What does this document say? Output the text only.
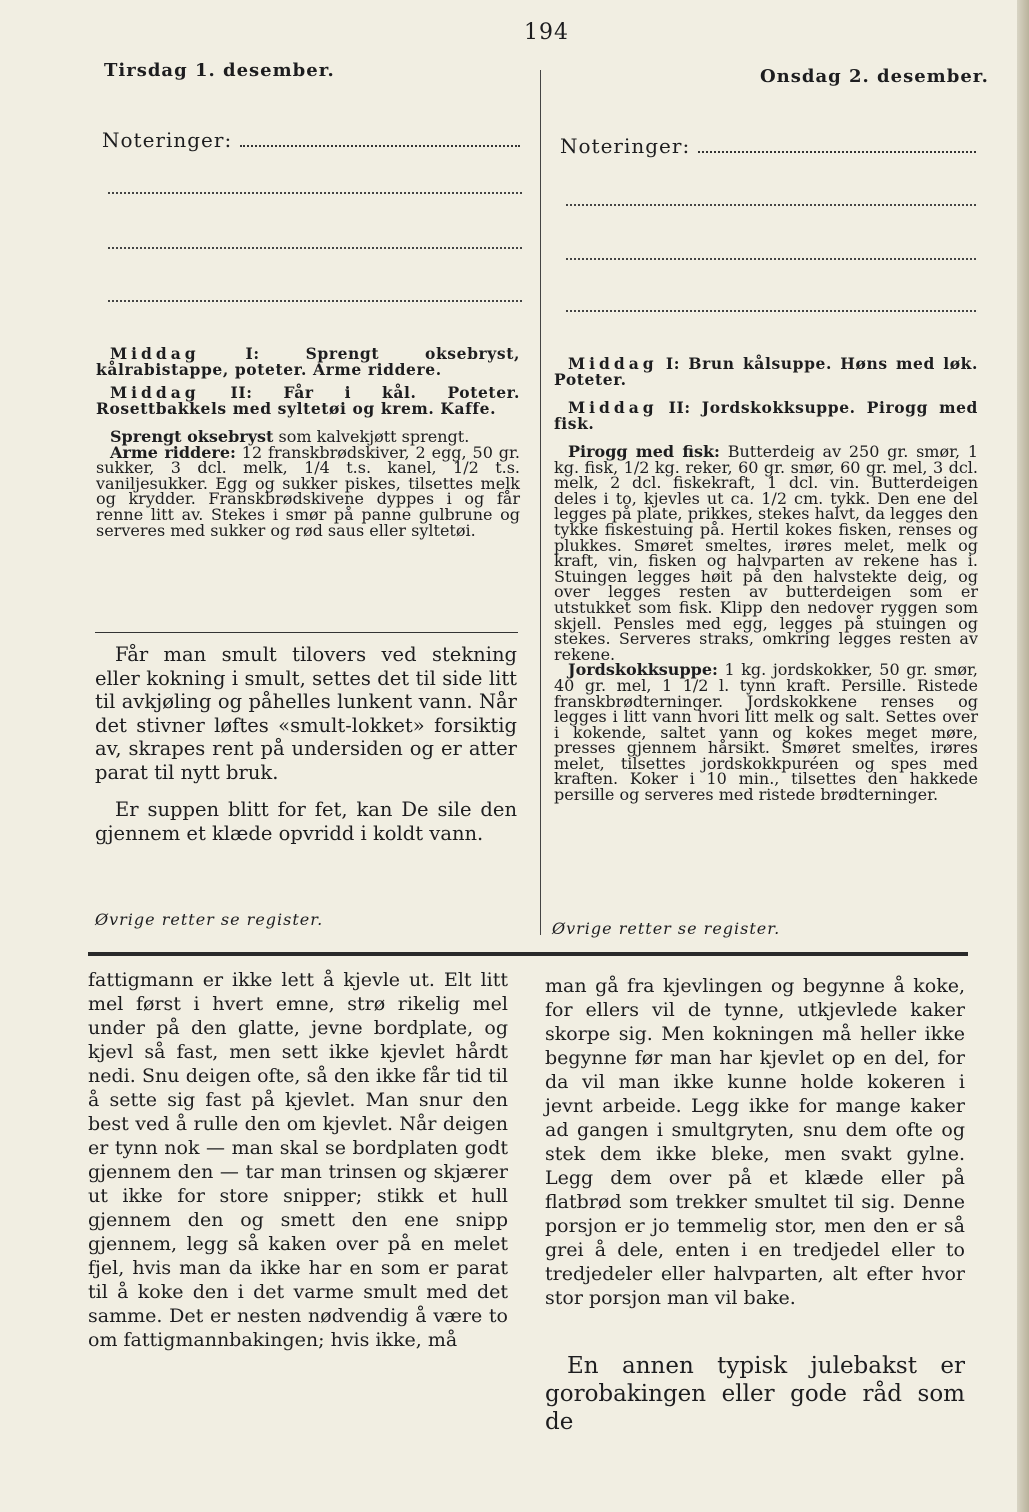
194
Tirsdag 1. desember.
Noteringer:

Middag I: Sprengt oksebryst, kålrabistappe, poteter. Arme riddere.

Middag II: Får i kål. Poteter. Rosettbakkels med syltetøi og krem. Kaffe.

Sprengt oksebryst som kalvekjøtt sprengt.

Arme riddere: 12 franskbrødskiver, 2 egg, 50 gr. sukker, 3 dcl. melk, 1/4 t.s. kanel, 1/2 t.s. vaniljesukker. Egg og sukker piskes, tilsettes melk og krydder. Franskbrødskivene dyppes i og får renne litt av. Stekes i smør på panne gulbrune og serveres med sukker og rød saus eller syltetøi.

Får man smult tilovers ved stekning eller kokning i smult, settes det til side litt til avkjøling og påhelles lunkent vann. Når det stivner løftes «smult-lokket» forsiktig av, skrapes rent på undersiden og er atter parat til nytt bruk.

Er suppen blitt for fet, kan De sile den gjennem et klæde opvridd i koldt vann.

Øvrige retter se register.
Onsdag 2. desember.
Noteringer:

Middag I: Brun kålsuppe. Høns med løk. Poteter.

Middag II: Jordskokksuppe. Pirogg med fisk.

Pirogg med fisk: Butterdeig av 250 gr. smør, 1 kg. fisk, 1/2 kg. reker, 60 gr. smør, 60 gr. mel, 3 dcl. melk, 2 dcl. fiskekraft, 1 dcl. vin. Butterdeigen deles i to, kjevles ut ca. 1/2 cm. tykk. Den ene del legges på plate, prikkes, stekes halvt, da legges den tykke fiskestuing på. Hertil kokes fisken, renses og plukkes. Smøret smeltes, irøres melet, melk og kraft, vin, fisken og halvparten av rekene has i. Stuingen legges høit på den halvstekte deig, og over legges resten av butterdeigen som er utstukket som fisk. Klipp den nedover ryggen som skjell. Pensles med egg, legges på stuingen og stekes. Serveres straks, omkring legges resten av rekene.

Jordskokksuppe: 1 kg. jordskokker, 50 gr. smør, 40 gr. mel, 1 1/2 l. tynn kraft. Persille. Ristede franskbrødterninger. Jordskokkene renses og legges i litt vann hvori litt melk og salt. Settes over i kokende, saltet vann og kokes meget møre, presses gjennem hårsikt. Smøret smeltes, irøres melet, tilsettes jordskokkpuréen og spes med kraften. Koker i 10 min., tilsettes den hakkede persille og serveres med ristede brødterninger.

Øvrige retter se register.

fattigmann er ikke lett å kjevle ut. Elt litt mel først i hvert emne, strø rikelig mel under på den glatte, jevne bordplate, og kjevl så fast, men sett ikke kjevlet hårdt nedi. Snu deigen ofte, så den ikke får tid til å sette sig fast på kjevlet. Man snur den best ved å rulle den om kjevlet. Når deigen er tynn nok — man skal se bordplaten godt gjennem den — tar man trinsen og skjærer ut ikke for store snipper; stikk et hull gjennem den og smett den ene snipp gjennem, legg så kaken over på en melet fjel, hvis man da ikke har en som er parat til å koke den i det varme smult med det samme. Det er nesten nødvendig å være to om fattigmannbakingen; hvis ikke, må

man gå fra kjevlingen og begynne å koke, for ellers vil de tynne, utkjevlede kaker skorpe sig. Men kokningen må heller ikke begynne før man har kjevlet op en del, for da vil man ikke kunne holde kokeren i jevnt arbeide. Legg ikke for mange kaker ad gangen i smultgryten, snu dem ofte og stek dem ikke bleke, men svakt gylne. Legg dem over på et klæde eller på flatbrød som trekker smultet til sig. Denne porsjon er jo temmelig stor, men den er så grei å dele, enten i en tredjedel eller to tredjedeler eller halvparten, alt efter hvor stor porsjon man vil bake.

En annen typisk julebakst er gorobakingen eller gode råd som de
